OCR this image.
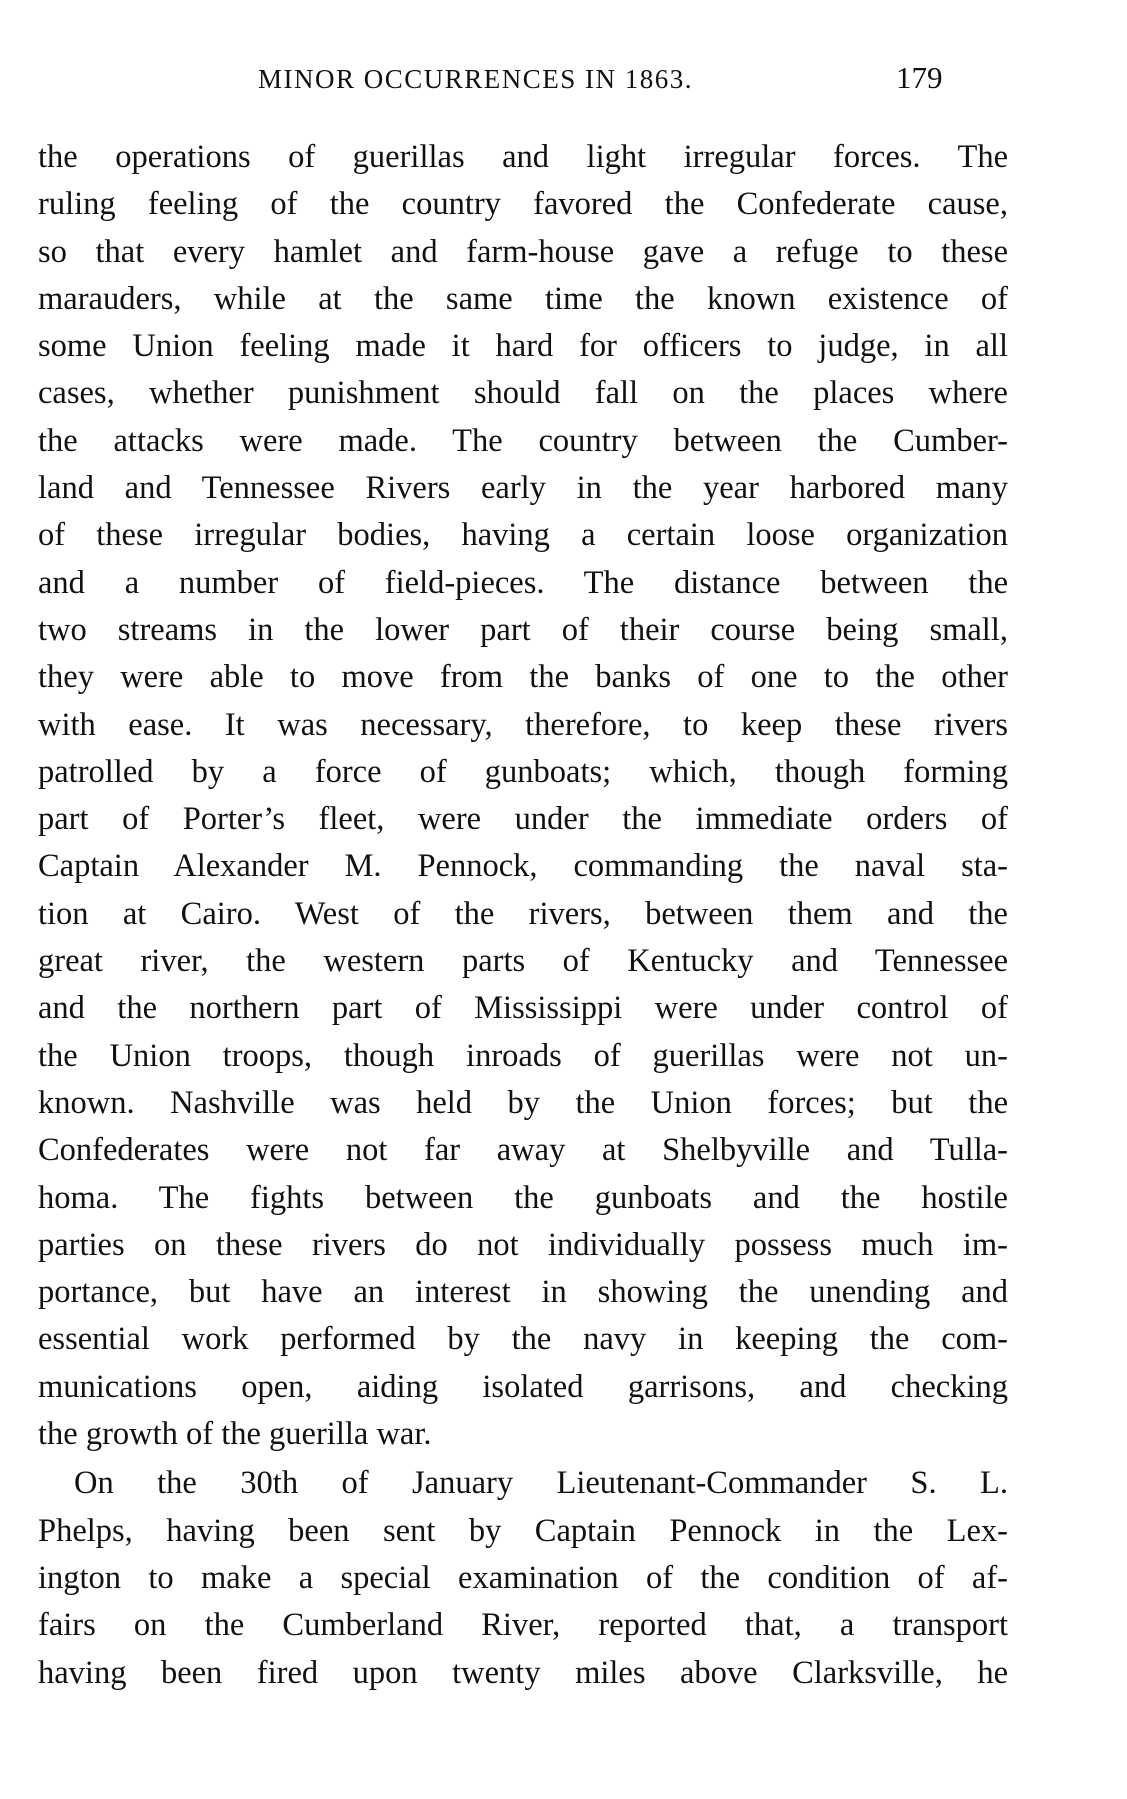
MINOR OCCURRENCES IN 1863.	179
the operations of guerillas and light irregular forces. The
ruling feeling of the country favored the Confederate cause,
so that every hamlet and farm-house gave a refuge to these
marauders, while at the same time the known existence of
some Union feeling made it hard for officers to judge, in all
cases, whether punishment should fall on the places where
the attacks were made. The country between the Cumber-
land and Tennessee Rivers early in the year harbored many
of these irregular bodies, having a certain loose organization
and a number of field-pieces. The distance between the
two streams in the lower part of their course being small,
they were able to move from the banks of one to the other
with ease. It was necessary, therefore, to keep these rivers
patrolled by a force of gunboats; which, though forming
part of Porter’s fleet, were under the immediate orders of
Captain Alexander M. Pennock, commanding the naval sta-
tion at Cairo. West of the rivers, between them and the
great river, the western parts of Kentucky and Tennessee
and the northern part of Mississippi were under control of
the Union troops, though inroads of guerillas were not un-
known. Nashville was held by the Union forces; but the
Confederates were not far away at Shelbyville and Tulla-
homa. The fights between the gunboats and the hostile
parties on these rivers do not individually possess much im-
portance, but have an interest in showing the unending and
essential work performed by the navy in keeping the com-
munications open, aiding isolated garrisons, and checking
the growth of the guerilla war.
On the 30th of January Lieutenant-Commander S. L.
Phelps, having been sent by Captain Pennock in the Lex-
ington to make a special examination of the condition of af-
fairs on the Cumberland River, reported that, a transport
having been fired upon twenty miles above Clarksville, he
